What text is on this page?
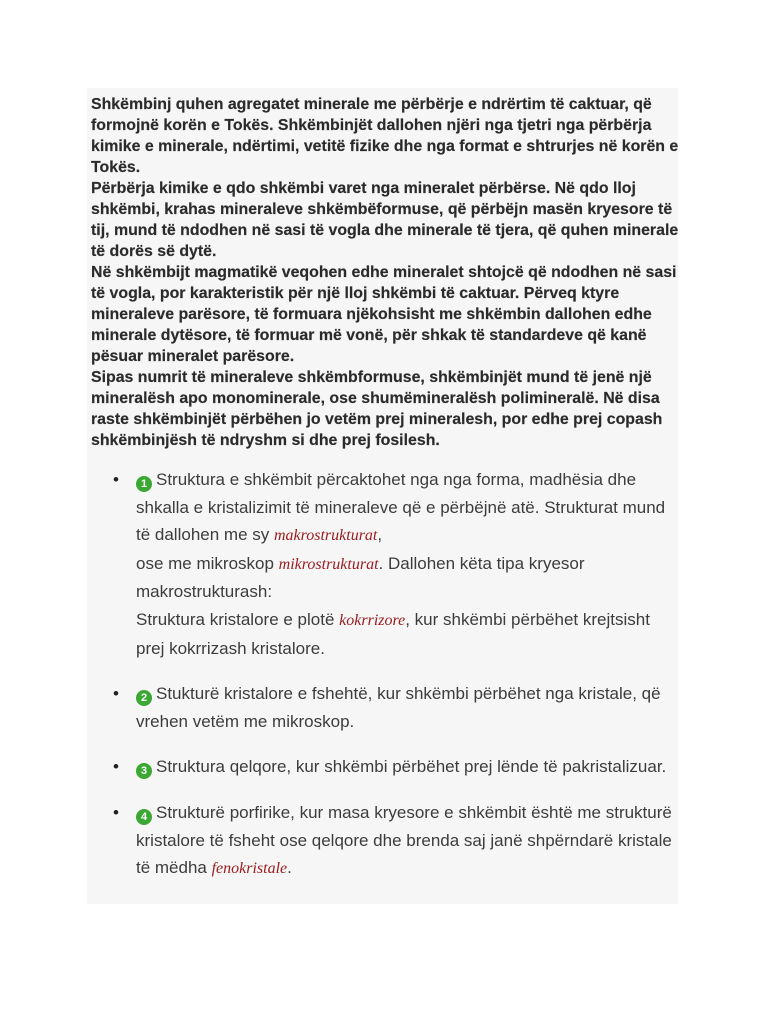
Shkëmbinj quhen agregatet minerale me përbërje e ndrërtim të caktuar, që formojnë korën e Tokës. Shkëmbinjët dallohen njëri nga tjetri nga përbërja kimike e minerale, ndërtimi, vetitë fizike dhe nga format e shtrurjes në korën e Tokës.

Përbërja kimike e qdo shkëmbi varet nga mineralet përbërse. Në qdo lloj shkëmbi, krahas mineraleve shkëmbëformuse, që përbëjn masën kryesore të tij, mund të ndodhen në sasi të vogla dhe minerale të tjera, që quhen minerale të dorës së dytë.

Në shkëmbijt magmatikë veqohen edhe mineralet shtojcë që ndodhen në sasi të vogla, por karakteristik për një lloj shkëmbi të caktuar. Përveq ktyre mineraleve parësore, të formuara njëkohsisht me shkëmbin dallohen edhe minerale dytësore, të formuar më vonë, për shkak të standardeve që kanë pësuar mineralet parësore.

Sipas numrit të mineraleve shkëmbformuse, shkëmbinjët mund të jenë një mineralësh apo monominerale, ose shumëmineralësh polimineralë. Në disa raste shkëmbinjët përbëhen jo vetëm prej mineralesh, por edhe prej copash shkëmbinjësh të ndryshm si dhe prej fosilesh.

• 1 Struktura e shkëmbit përcaktohet nga nga forma, madhësia dhe shkalla e kristalizimit të mineraleve që e përbëjnë atë. Strukturat mund të dallohen me sy makrostrukturat,
ose me mikroskop mikrostrukturat. Dallohen këta tipa kryesor makrostrukturash:
Struktura kristalore e plotë kokrrizore, kur shkëmbi përbëhet krejtsisht prej kokrrizash kristalore.
• 2 Stukturë kristalore e fshehtë, kur shkëmbi përbëhet nga kristale, që vrehen vetëm me mikroskop.
• 3 Struktura qelqore, kur shkëmbi përbëhet prej lënde të pakristalizuar.
• 4 Strukturë porfirike, kur masa kryesore e shkëmbit është me strukturë kristalore të fsheht ose qelqore dhe brenda saj janë shpërndarë kristale të mëdha fenokristale.
